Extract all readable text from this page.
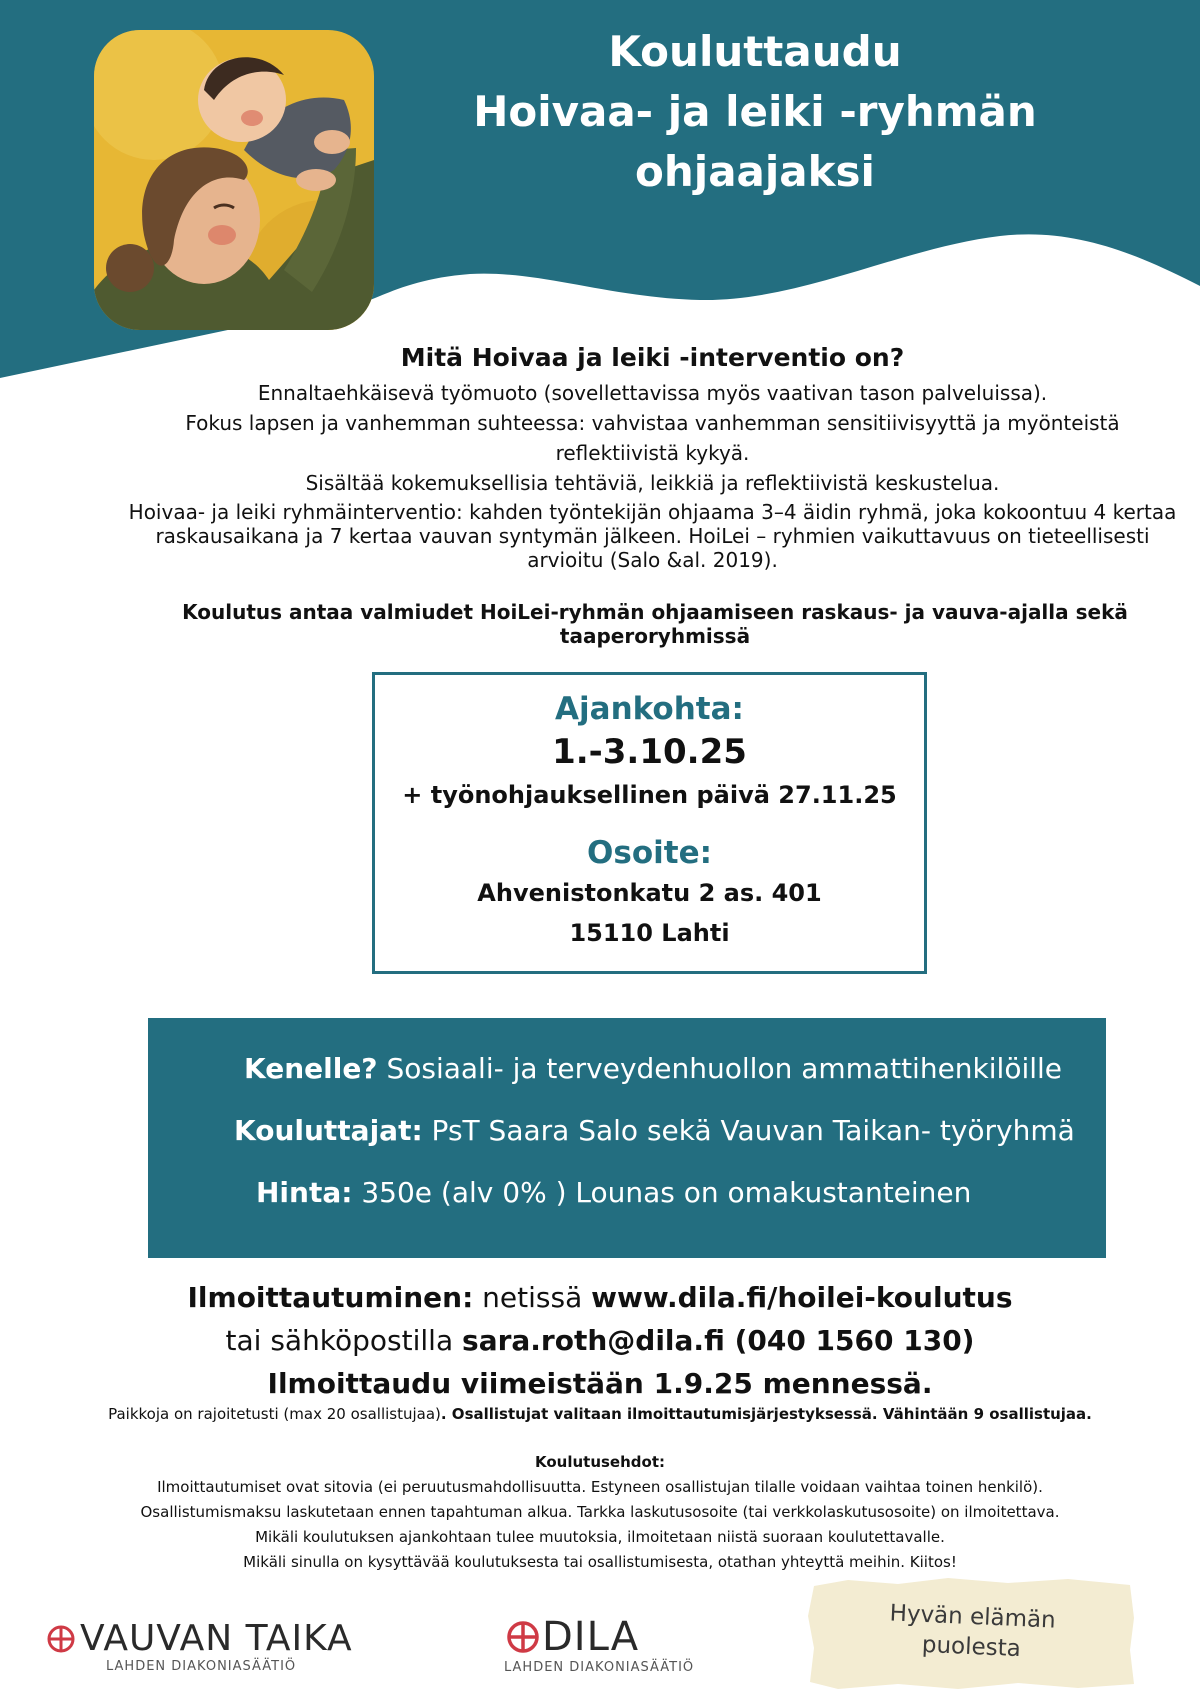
Kouluttaudu
Hoivaa- ja leiki -ryhmän
ohjaajaksi
Mitä Hoivaa ja leiki -interventio on?
Ennaltaehkäisevä työmuoto (sovellettavissa myös vaativan tason palveluissa).
Fokus lapsen ja vanhemman suhteessa: vahvistaa vanhemman sensitiivisyyttä ja myönteistä
reflektiivistä kykyä.
Sisältää kokemuksellisia tehtäviä, leikkiä ja reflektiivistä keskustelua.
Hoivaa- ja leiki ryhmäinterventio: kahden työntekijän ohjaama 3–4 äidin ryhmä, joka kokoontuu 4 kertaa raskausaikana ja 7 kertaa vauvan syntymän jälkeen. HoiLei – ryhmien vaikuttavuus on tieteellisesti arvioitu (Salo &al. 2019).
Koulutus antaa valmiudet HoiLei-ryhmän ohjaamiseen raskaus- ja vauva-ajalla sekä taaperoryhmissä
Ajankohta:
1.-3.10.25
+ työnohjauksellinen päivä 27.11.25
Osoite:
Ahvenistonkatu 2 as. 401
15110 Lahti
Kenelle? Sosiaali- ja terveydenhuollon ammattihenkilöille
Kouluttajat: PsT Saara Salo sekä Vauvan Taikan- työryhmä
Hinta: 350e (alv 0% ) Lounas on omakustanteinen
Ilmoittautuminen: netissä www.dila.fi/hoilei-koulutus
tai sähköpostilla sara.roth@dila.fi (040 1560 130)
Ilmoittaudu viimeistään 1.9.25 mennessä.
Paikkoja on rajoitetusti (max 20 osallistujaa). Osallistujat valitaan ilmoittautumisjärjestyksessä. Vähintään 9 osallistujaa.
Koulutusehdot:
Ilmoittautumiset ovat sitovia (ei peruutusmahdollisuutta. Estyneen osallistujan tilalle voidaan vaihtaa toinen henkilö).
Osallistumismaksu laskutetaan ennen tapahtuman alkua. Tarkka laskutusosoite (tai verkkolaskutusosoite) on ilmoitettava.
Mikäli koulutuksen ajankohtaan tulee muutoksia, ilmoitetaan niistä suoraan koulutettavalle.
Mikäli sinulla on kysyttävää koulutuksesta tai osallistumisesta, otathan yhteyttä meihin. Kiitos!
VAUVAN TAIKA
LAHDEN DIAKONIASÄÄTIÖ
DILA
LAHDEN DIAKONIASÄÄTIÖ
Hyvän elämän
puolesta
